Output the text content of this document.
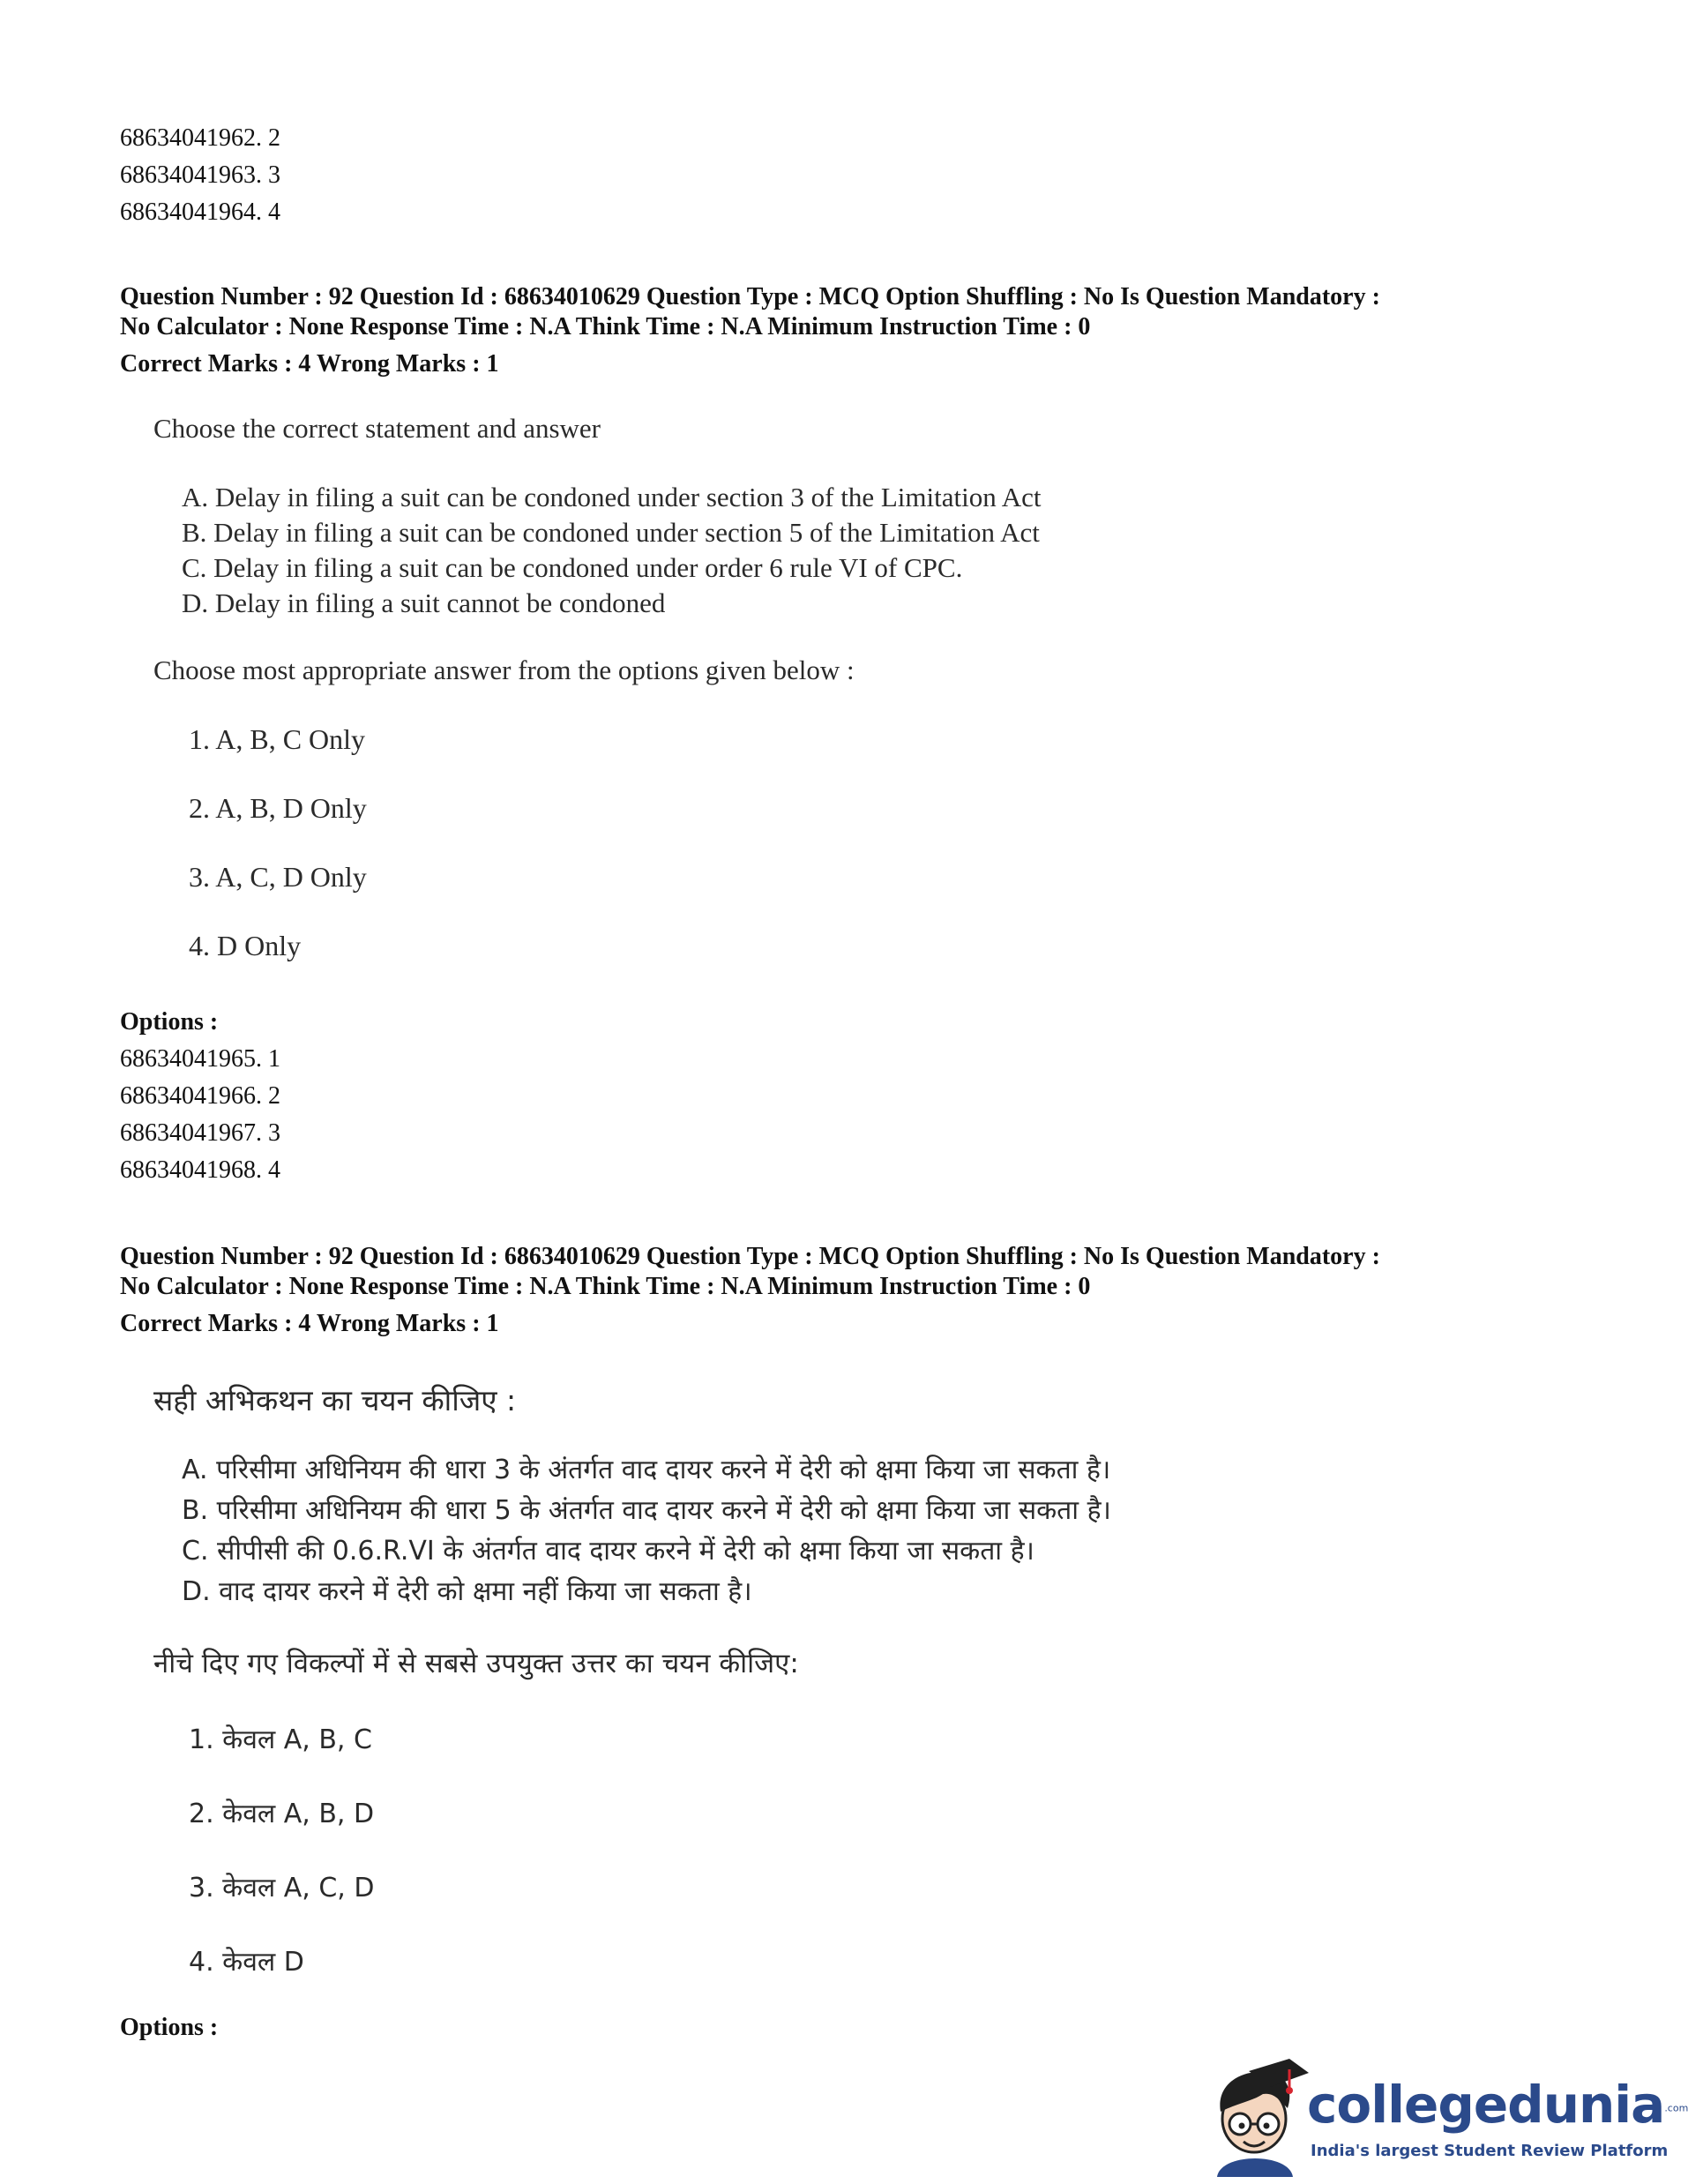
68634041962. 2
68634041963. 3
68634041964. 4
Question Number : 92 Question Id : 68634010629 Question Type : MCQ Option Shuffling : No Is Question Mandatory :
No Calculator : None Response Time : N.A Think Time : N.A Minimum Instruction Time : 0
Correct Marks : 4 Wrong Marks : 1
Choose the correct statement and answer
A. Delay in filing a suit can be condoned under section 3 of the Limitation Act
B. Delay in filing a suit can be condoned under section 5 of the Limitation Act
C. Delay in filing a suit can be condoned under order 6 rule VI of CPC.
D. Delay in filing a suit cannot be condoned
Choose most appropriate answer from the options given below :
1. A, B, C Only
2. A, B, D Only
3. A, C, D Only
4. D Only
Options :
68634041965. 1
68634041966. 2
68634041967. 3
68634041968. 4
Question Number : 92 Question Id : 68634010629 Question Type : MCQ Option Shuffling : No Is Question Mandatory :
No Calculator : None Response Time : N.A Think Time : N.A Minimum Instruction Time : 0
Correct Marks : 4 Wrong Marks : 1
सही अभिकथन का चयन कीजिए :
A. परिसीमा अधिनियम की धारा 3 के अंतर्गत वाद दायर करने में देरी को क्षमा किया जा सकता है।
B. परिसीमा अधिनियम की धारा 5 के अंतर्गत वाद दायर करने में देरी को क्षमा किया जा सकता है।
C. सीपीसी की 0.6.R.VI के अंतर्गत वाद दायर करने में देरी को क्षमा किया जा सकता है।
D. वाद दायर करने में देरी को क्षमा नहीं किया जा सकता है।
नीचे दिए गए विकल्पों में से सबसे उपयुक्त उत्तर का चयन कीजिए:
1. केवल A, B, C
2. केवल A, B, D
3. केवल A, C, D
4. केवल D
Options :
collegedunia.com
India's largest Student Review Platform
